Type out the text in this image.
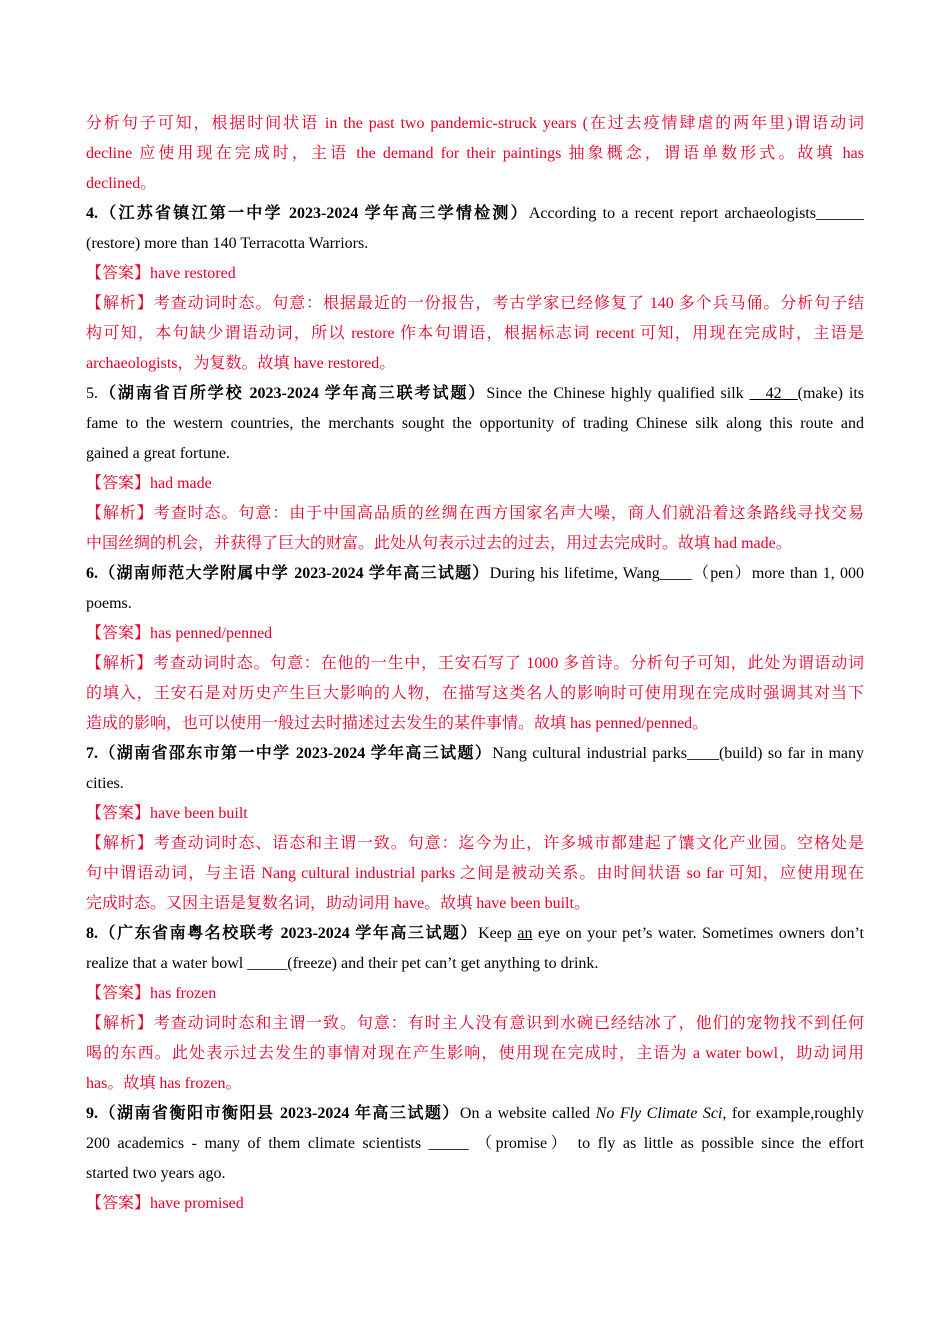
分析句子可知，根据时间状语 in the past two pandemic-struck years (在过去疫情肆虐的两年里)谓语动词
decline 应使用现在完成时，主语 the demand for their paintings 抽象概念，谓语单数形式。故填 has
declined。
4.（江苏省镇江第一中学 2023-2024 学年高三学情检测）According to a recent report archaeologists______
(restore) more than 140 Terracotta Warriors.
【答案】have restored
【解析】考查动词时态。句意：根据最近的一份报告，考古学家已经修复了 140 多个兵马俑。分析句子结
构可知，本句缺少谓语动词，所以 restore 作本句谓语，根据标志词 recent 可知，用现在完成时，主语是
archaeologists，为复数。故填 have restored。
5.（湖南省百所学校 2023-2024 学年高三联考试题）Since the Chinese highly qualified silk __42__(make) its
fame to the western countries, the merchants sought the opportunity of trading Chinese silk along this route and
gained a great fortune.
【答案】had made
【解析】考查时态。句意：由于中国高品质的丝绸在西方国家名声大噪，商人们就沿着这条路线寻找交易
中国丝绸的机会，并获得了巨大的财富。此处从句表示过去的过去，用过去完成时。故填 had made。
6.（湖南师范大学附属中学 2023-2024 学年高三试题）During his lifetime, Wang____（pen）more than 1, 000
poems.
【答案】has penned/penned
【解析】考查动词时态。句意：在他的一生中，王安石写了 1000 多首诗。分析句子可知，此处为谓语动词
的填入，王安石是对历史产生巨大影响的人物，在描写这类名人的影响时可使用现在完成时强调其对当下
造成的影响，也可以使用一般过去时描述过去发生的某件事情。故填 has penned/penned。
7.（湖南省邵东市第一中学 2023-2024 学年高三试题）Nang cultural industrial parks____(build) so far in many
cities.
【答案】have been built
【解析】考查动词时态、语态和主谓一致。句意：迄今为止，许多城市都建起了馕文化产业园。空格处是
句中谓语动词，与主语 Nang cultural industrial parks 之间是被动关系。由时间状语 so far 可知，应使用现在
完成时态。又因主语是复数名词，助动词用 have。故填 have been built。
8.（广东省南粤名校联考 2023-2024 学年高三试题）Keep an eye on your pet’s water. Sometimes owners don’t
realize that a water bowl _____(freeze) and their pet can’t get anything to drink.
【答案】has frozen
【解析】考查动词时态和主谓一致。句意：有时主人没有意识到水碗已经结冰了，他们的宠物找不到任何
喝的东西。此处表示过去发生的事情对现在产生影响，使用现在完成时，主语为 a water bowl，助动词用
has。故填 has frozen。
9.（湖南省衡阳市衡阳县 2023-2024 年高三试题）On a website called No Fly Climate Sci, for example,roughly
200 academics - many of them climate scientists _____ （promise） to fly as little as possible since the effort
started two years ago.
【答案】have promised
